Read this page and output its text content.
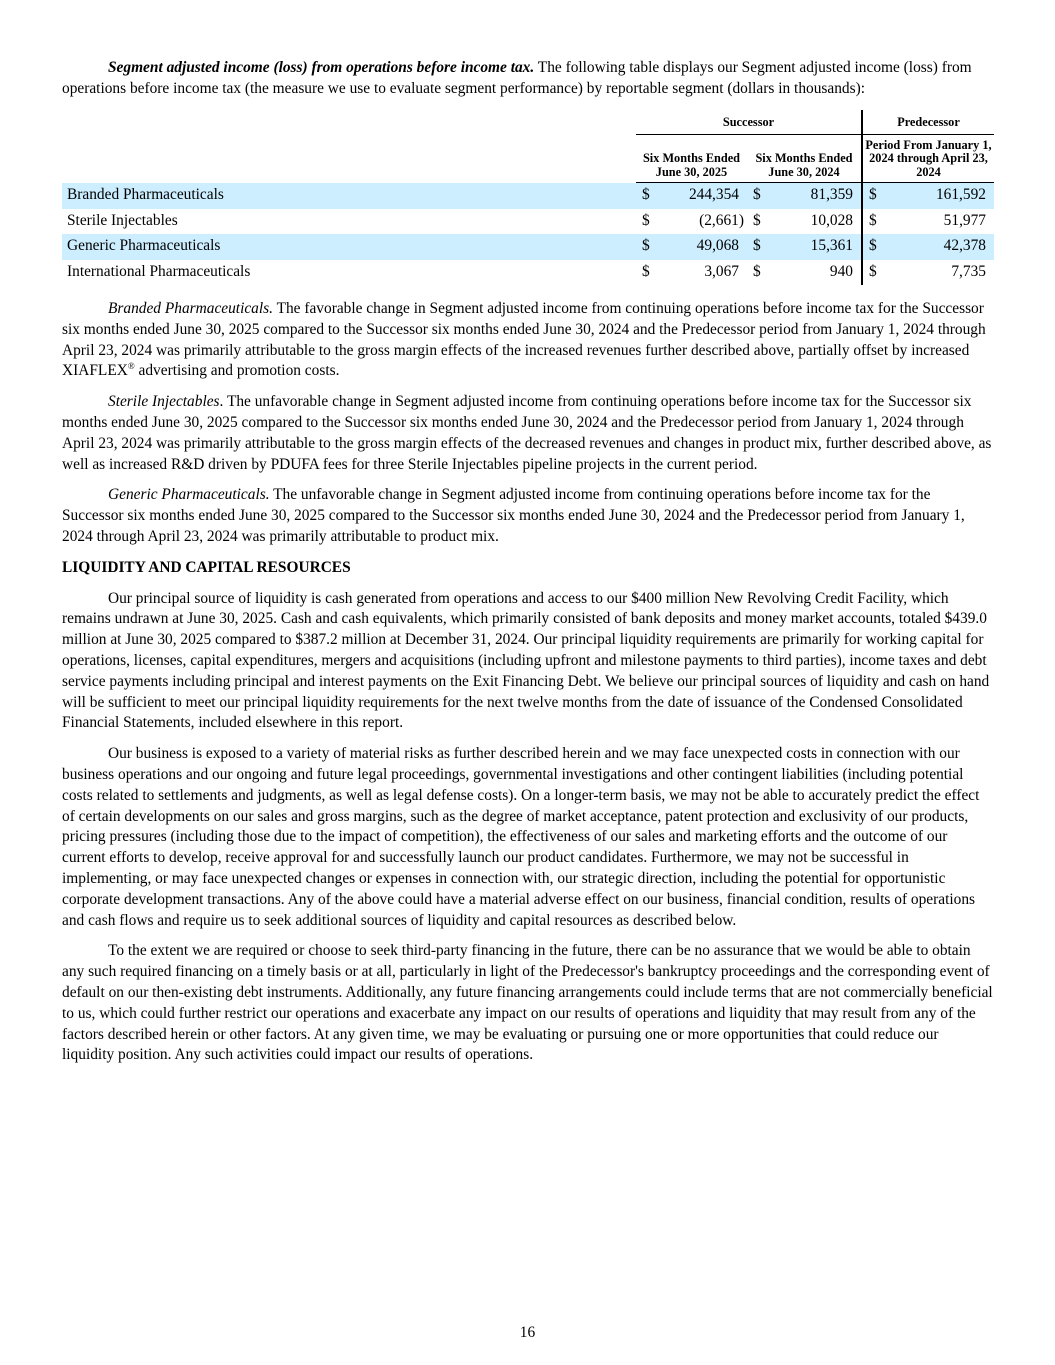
Segment adjusted income (loss) from operations before income tax. The following table displays our Segment adjusted income (loss) from operations before income tax (the measure we use to evaluate segment performance) by reportable segment (dollars in thousands):

	Successor				Predecessor	
	Six Months Ended June 30, 2025		Six Months Ended June 30, 2024		Period From January 1, 2024 through April 23, 2024	
Branded Pharmaceuticals	$	244,354	$	81,359	$	161,592
Sterile Injectables	$	(2,661)	$	10,028	$	51,977
Generic Pharmaceuticals	$	49,068	$	15,361	$	42,378
International Pharmaceuticals	$	3,067	$	940	$	7,735

Branded Pharmaceuticals. The favorable change in Segment adjusted income from continuing operations before income tax for the Successor six months ended June 30, 2025 compared to the Successor six months ended June 30, 2024 and the Predecessor period from January 1, 2024 through April 23, 2024 was primarily attributable to the gross margin effects of the increased revenues further described above, partially offset by increased XIAFLEX® advertising and promotion costs.

Sterile Injectables. The unfavorable change in Segment adjusted income from continuing operations before income tax for the Successor six months ended June 30, 2025 compared to the Successor six months ended June 30, 2024 and the Predecessor period from January 1, 2024 through April 23, 2024 was primarily attributable to the gross margin effects of the decreased revenues and changes in product mix, further described above, as well as increased R&D driven by PDUFA fees for three Sterile Injectables pipeline projects in the current period.

Generic Pharmaceuticals. The unfavorable change in Segment adjusted income from continuing operations before income tax for the Successor six months ended June 30, 2025 compared to the Successor six months ended June 30, 2024 and the Predecessor period from January 1, 2024 through April 23, 2024 was primarily attributable to product mix.

LIQUIDITY AND CAPITAL RESOURCES

Our principal source of liquidity is cash generated from operations and access to our $400 million New Revolving Credit Facility, which remains undrawn at June 30, 2025. Cash and cash equivalents, which primarily consisted of bank deposits and money market accounts, totaled $439.0 million at June 30, 2025 compared to $387.2 million at December 31, 2024. Our principal liquidity requirements are primarily for working capital for operations, licenses, capital expenditures, mergers and acquisitions (including upfront and milestone payments to third parties), income taxes and debt service payments including principal and interest payments on the Exit Financing Debt. We believe our principal sources of liquidity and cash on hand will be sufficient to meet our principal liquidity requirements for the next twelve months from the date of issuance of the Condensed Consolidated Financial Statements, included elsewhere in this report.

Our business is exposed to a variety of material risks as further described herein and we may face unexpected costs in connection with our business operations and our ongoing and future legal proceedings, governmental investigations and other contingent liabilities (including potential costs related to settlements and judgments, as well as legal defense costs). On a longer-term basis, we may not be able to accurately predict the effect of certain developments on our sales and gross margins, such as the degree of market acceptance, patent protection and exclusivity of our products, pricing pressures (including those due to the impact of competition), the effectiveness of our sales and marketing efforts and the outcome of our current efforts to develop, receive approval for and successfully launch our product candidates. Furthermore, we may not be successful in implementing, or may face unexpected changes or expenses in connection with, our strategic direction, including the potential for opportunistic corporate development transactions. Any of the above could have a material adverse effect on our business, financial condition, results of operations and cash flows and require us to seek additional sources of liquidity and capital resources as described below.

To the extent we are required or choose to seek third-party financing in the future, there can be no assurance that we would be able to obtain any such required financing on a timely basis or at all, particularly in light of the Predecessor's bankruptcy proceedings and the corresponding event of default on our then-existing debt instruments. Additionally, any future financing arrangements could include terms that are not commercially beneficial to us, which could further restrict our operations and exacerbate any impact on our results of operations and liquidity that may result from any of the factors described herein or other factors. At any given time, we may be evaluating or pursuing one or more opportunities that could reduce our liquidity position. Any such activities could impact our results of operations.

16
